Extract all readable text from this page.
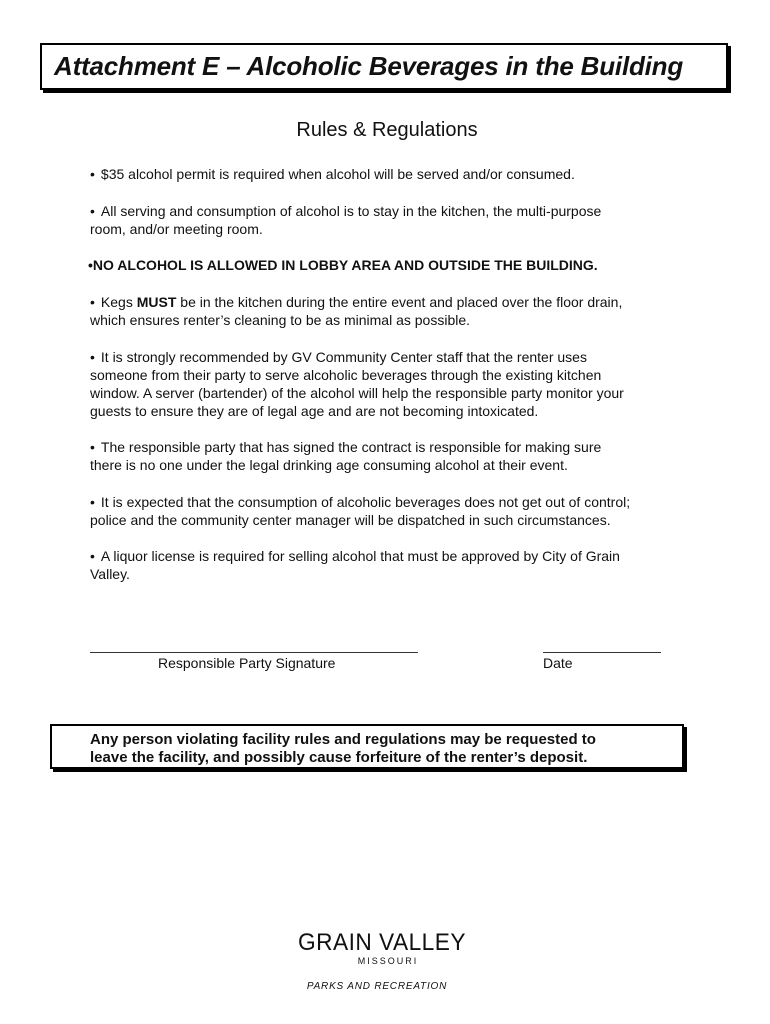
Attachment E – Alcoholic Beverages in the Building
Rules & Regulations
• $35 alcohol permit is required when alcohol will be served and/or consumed.
• All serving and consumption of alcohol is to stay in the kitchen, the multi-purpose
room, and/or meeting room.
•NO ALCOHOL IS ALLOWED IN LOBBY AREA AND OUTSIDE THE BUILDING.
• Kegs MUST be in the kitchen during the entire event and placed over the floor drain,
which ensures renter’s cleaning to be as minimal as possible.
• It is strongly recommended by GV Community Center staff that the renter uses
someone from their party to serve alcoholic beverages through the existing kitchen
window. A server (bartender) of the alcohol will help the responsible party monitor your
guests to ensure they are of legal age and are not becoming intoxicated.
• The responsible party that has signed the contract is responsible for making sure
there is no one under the legal drinking age consuming alcohol at their event.
• It is expected that the consumption of alcoholic beverages does not get out of control;
police and the community center manager will be dispatched in such circumstances.
• A liquor license is required for selling alcohol that must be approved by City of Grain
Valley.
Responsible Party Signature	Date
Any person violating facility rules and regulations may be requested to
leave the facility, and possibly cause forfeiture of the renter’s deposit.
GRAIN VALLEY
MISSOURI
PARKS AND RECREATION
